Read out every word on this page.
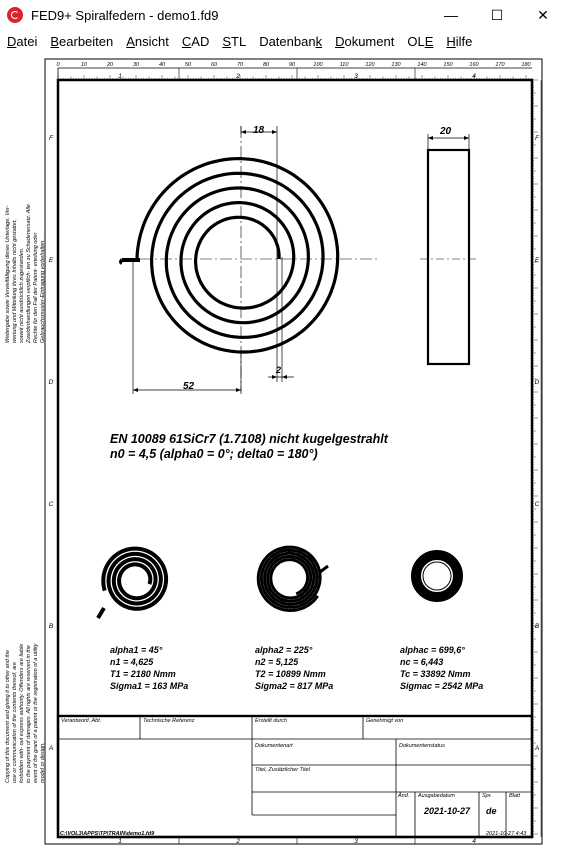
FED9+ Spiralfedern - demo1.fd9	—	☐	✕
Datei	Bearbeiten	Ansicht	CAD	STL	Datenbank	Dokument	OLE	Hilfe
0	10	20	30	40	50	60	70	80	90	100	110	120	130	140	150	160	170	180
1
1
2
2
3
3
4
4
F	F
E	E
D	D
C	C
B	B
A	A
Weitergabe sowie Vervielfältigung dieser Unterlage, Ver- wertung und Mitteilung ihres Inhalts nicht gestattet, soweit nicht ausdrücklich zugestanden. Zuwiderhandlungen verpflich- ten zu Schadenersatz. Alle Rechte für den Fall der Patent- erteilung oder Gebrauchsmuster-Eintragung vorbehalten.
Copying of this document and giving it to other and the use or communication of the contents thereof, are forbidden with- out express authority. Offenders are liable to the payment of damages. All rights are reserved in the event of the grant of a patent or the registration of a utility model or design.
18	20
52
2
EN 10089 61SiCr7 (1.7108) nicht kugelgestrahlt
n0 = 4,5 (alpha0 = 0°; delta0 = 180°)
alpha1 = 45°
n1 = 4,625
T1 = 2180 Nmm
Sigma1 = 163 MPa
alpha2 = 225°
n2 = 5,125
T2 = 10899 Nmm
Sigma2 = 817 MPa
alphac = 699,6°
nc = 6,443
Tc = 33892 Nmm
Sigmac = 2542 MPa
Verantwortl. Abt.	Technische Referenz	Erstellt durch	Genehmigt von
Dokumentenart	Dokumentenstatus
Titel, Zusätzlicher Titel
Änd. Ausgabedatum
2021-10-27
Spr.
de
Blatt
C:\VOL3\APPS\TP\TRAIN\demo1.fd9	2021-10-27 4:43
